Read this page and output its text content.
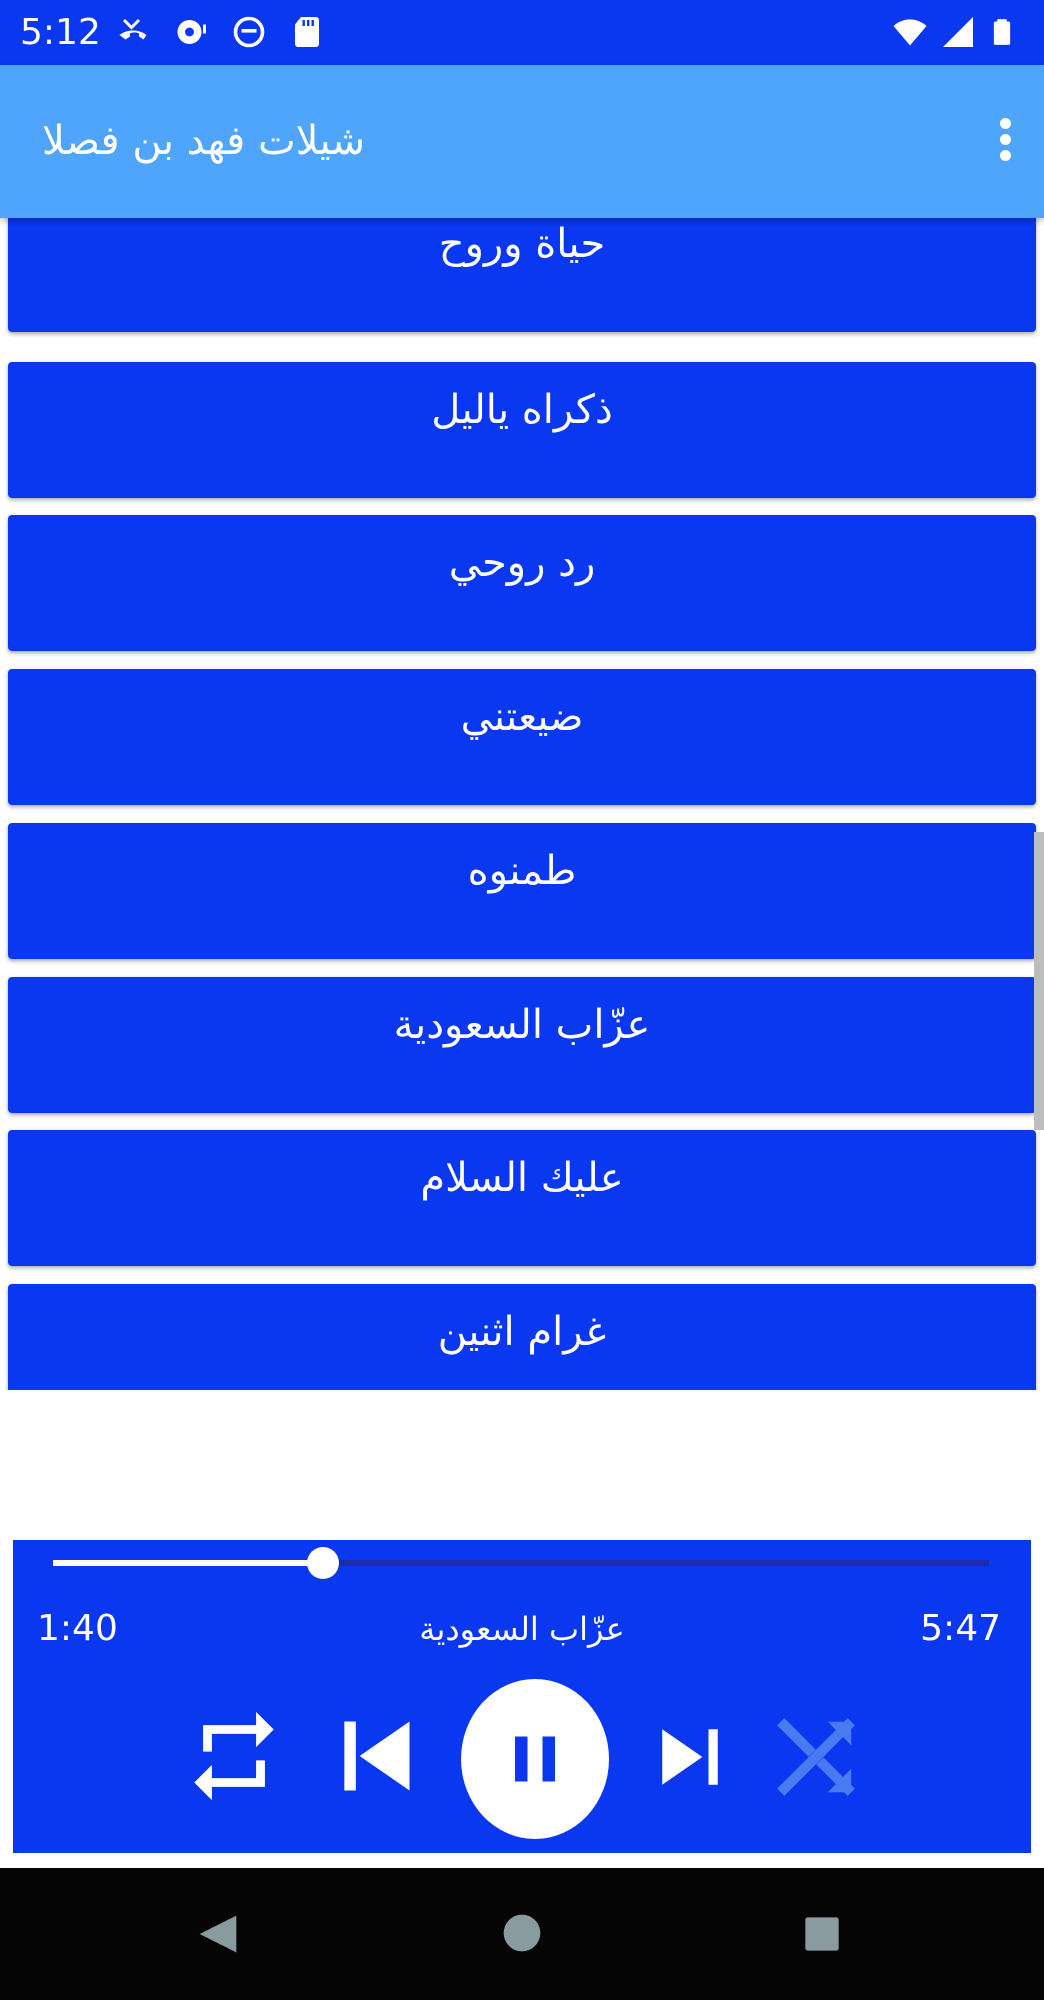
5:12
شيلات فهد بن فصلا
حياة وروح
ذكراه ياليل
رد روحي
ضيعتني
طمنوه
عزّاب السعودية
عليك السلام
غرام اثنين
1:40	عزّاب السعودية	5:47
